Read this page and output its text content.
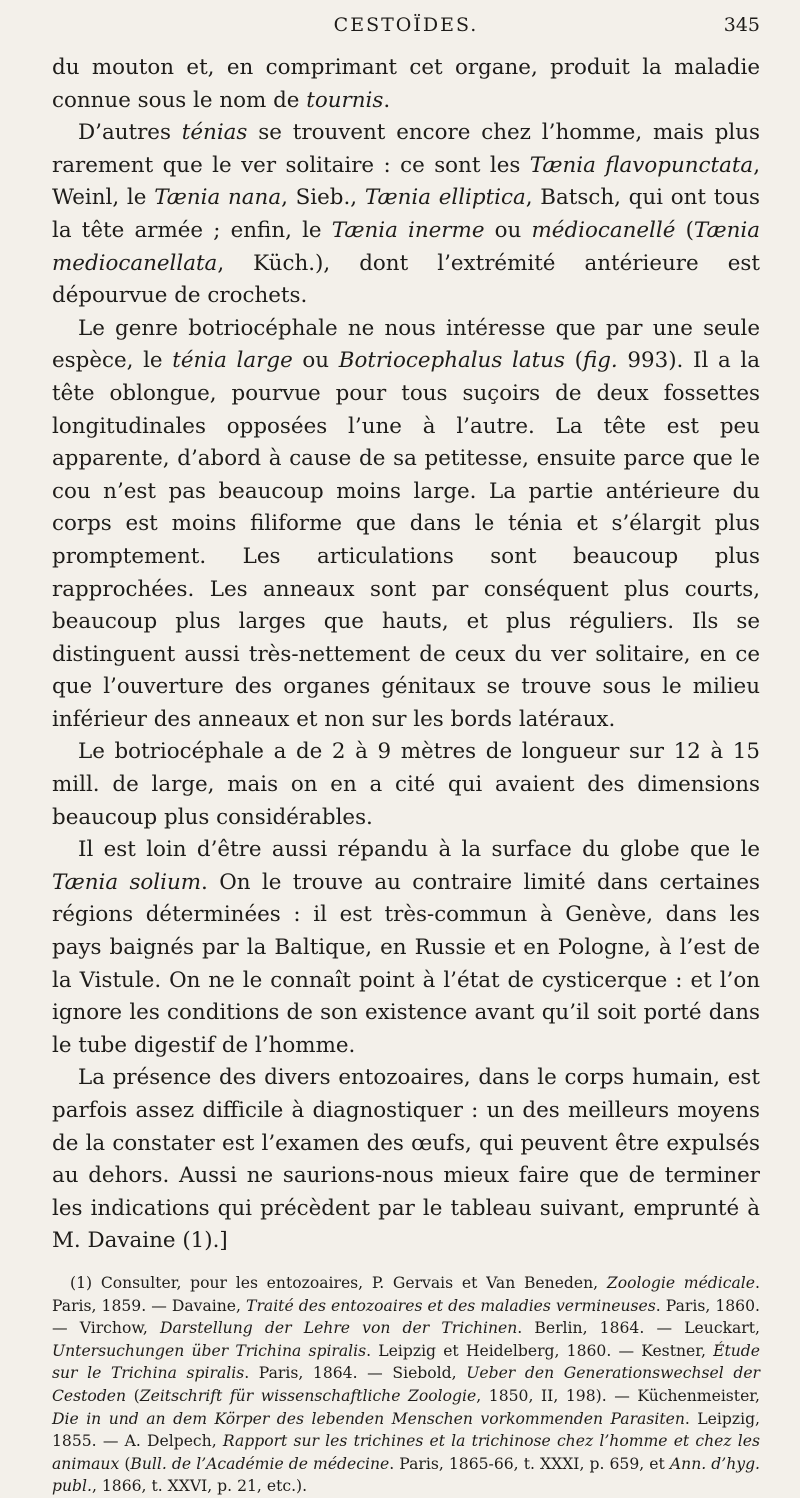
CESTOÏDES.	345

du mouton et, en comprimant cet organe, produit la maladie connue sous le nom de tournis.

D’autres ténias se trouvent encore chez l’homme, mais plus rarement que le ver solitaire : ce sont les Tænia flavopunctata, Weinl, le Tænia nana, Sieb., Tænia elliptica, Batsch, qui ont tous la tête armée ; enfin, le Tænia inerme ou médiocanellé (Tænia mediocanellata, Küch.), dont l’extrémité antérieure est dépourvue de crochets.

Le genre botriocéphale ne nous intéresse que par une seule espèce, le ténia large ou Botriocephalus latus (fig. 993). Il a la tête oblongue, pourvue pour tous suçoirs de deux fossettes longitudinales opposées l’une à l’autre. La tête est peu apparente, d’abord à cause de sa petitesse, ensuite parce que le cou n’est pas beaucoup moins large. La partie antérieure du corps est moins filiforme que dans le ténia et s’élargit plus promptement. Les articulations sont beaucoup plus rapprochées. Les anneaux sont par conséquent plus courts, beaucoup plus larges que hauts, et plus réguliers. Ils se distinguent aussi très-nettement de ceux du ver solitaire, en ce que l’ouverture des organes génitaux se trouve sous le milieu inférieur des anneaux et non sur les bords latéraux.

Le botriocéphale a de 2 à 9 mètres de longueur sur 12 à 15 mill. de large, mais on en a cité qui avaient des dimensions beaucoup plus considérables.

Il est loin d’être aussi répandu à la surface du globe que le Tænia solium. On le trouve au contraire limité dans certaines régions déterminées : il est très-commun à Genève, dans les pays baignés par la Baltique, en Russie et en Pologne, à l’est de la Vistule. On ne le connaît point à l’état de cysticerque : et l’on ignore les conditions de son existence avant qu’il soit porté dans le tube digestif de l’homme.

La présence des divers entozoaires, dans le corps humain, est parfois assez difficile à diagnostiquer : un des meilleurs moyens de la constater est l’examen des œufs, qui peuvent être expulsés au dehors. Aussi ne saurions-nous mieux faire que de terminer les indications qui précèdent par le tableau suivant, emprunté à M. Davaine (1).]

(1) Consulter, pour les entozoaires, P. Gervais et Van Beneden, Zoologie médicale. Paris, 1859. — Davaine, Traité des entozoaires et des maladies vermineuses. Paris, 1860. — Virchow, Darstellung der Lehre von der Trichinen. Berlin, 1864. — Leuckart, Untersuchungen über Trichina spiralis. Leipzig et Heidelberg, 1860. — Kestner, Étude sur le Trichina spiralis. Paris, 1864. — Siebold, Ueber den Generationswechsel der Cestoden (Zeitschrift für wissenschaftliche Zoologie, 1850, II, 198). — Küchenmeister, Die in und an dem Körper des lebenden Menschen vorkommenden Parasiten. Leipzig, 1855. — A. Delpech, Rapport sur les trichines et la trichinose chez l’homme et chez les animaux (Bull. de l’Académie de médecine. Paris, 1865-66, t. XXXI, p. 659, et Ann. d’hyg. publ., 1866, t. XXVI, p. 21, etc.).
